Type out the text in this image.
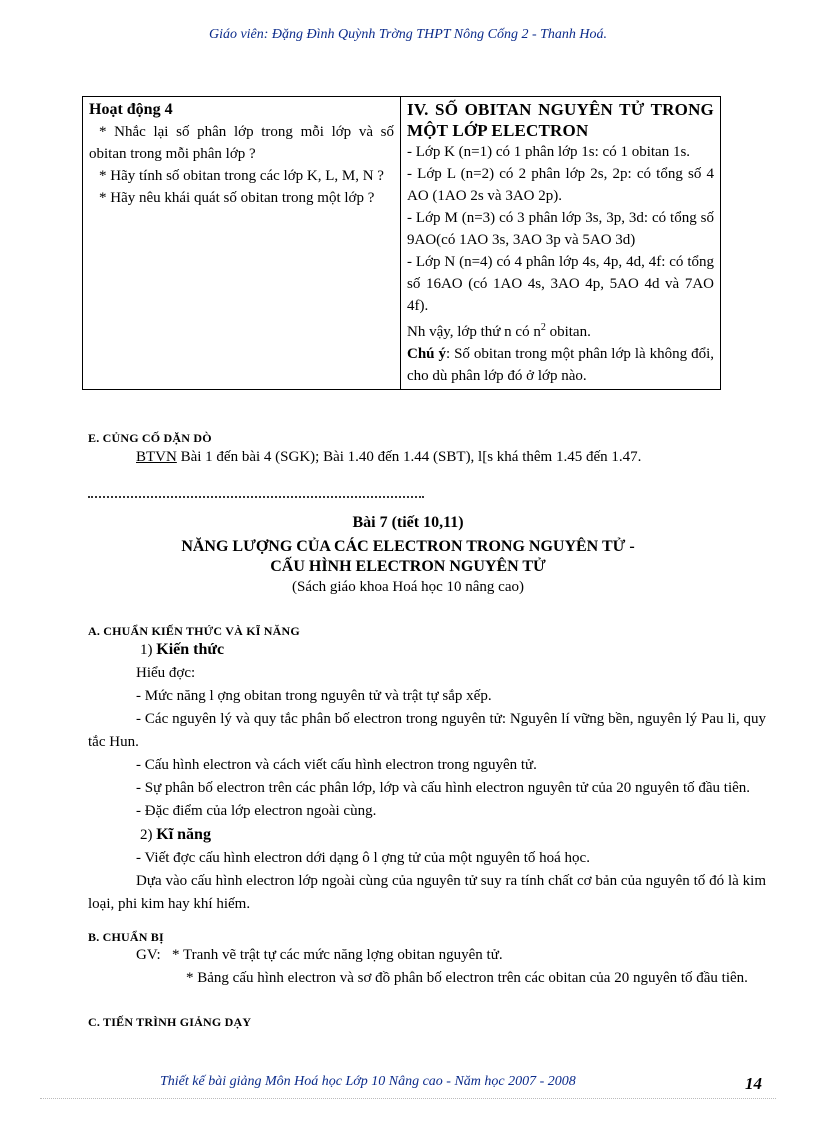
Giáo viên: Đặng Đình Quỳnh Trờng THPT Nông Cống 2 - Thanh Hoá.
Hoạt động 4
* Nhắc lại số phân lớp trong mỗi lớp và số obitan trong mỗi phân lớp ?
* Hãy tính số obitan trong các lớp K, L, M, N ?
* Hãy nêu khái quát số obitan trong một lớp ?

IV. SỐ OBITAN NGUYÊN TỬ TRONG MỘT LỚP ELECTRON
- Lớp K (n=1) có 1 phân lớp 1s: có 1 obitan 1s.
- Lớp L (n=2) có 2 phân lớp 2s, 2p: có tổng số 4 AO (1AO 2s và 3AO 2p).
- Lớp M (n=3) có 3 phân lớp 3s, 3p, 3d: có tổng số 9AO(có 1AO 3s, 3AO 3p và 5AO 3d)
- Lớp N (n=4) có 4 phân lớp 4s, 4p, 4d, 4f: có tổng số 16AO (có 1AO 4s, 3AO 4p, 5AO 4d và 7AO 4f).
Nh vậy, lớp thứ n có $n^2$ obitan.
Chú ý: Số obitan trong một phân lớp là không đổi, cho dù phân lớp đó ở lớp nào.
E. CỦNG CỐ DẶN DÒ
BTVN Bài 1 đến bài 4 (SGK); Bài 1.40 đến 1.44 (SBT), l[s khá thêm 1.45 đến 1.47.
Bài 7 (tiết 10,11)
NĂNG LƯỢNG CỦA CÁC ELECTRON TRONG NGUYÊN TỬ -
CẤU HÌNH ELECTRON NGUYÊN TỬ
(Sách giáo khoa Hoá học 10 nâng cao)
A. CHUẨN KIẾN THỨC VÀ KĨ NĂNG
1) Kiến thức
Hiểu đợc:
- Mức năng l ợng obitan trong nguyên tử và trật tự sắp xếp.
- Các nguyên lý và quy tắc phân bố electron trong nguyên tử: Nguyên lí vững bền, nguyên lý Pau li, quy tắc Hun.
- Cấu hình electron và cách viết cấu hình electron trong nguyên tử.
- Sự phân bố electron trên các phân lớp, lớp và cấu hình electron nguyên tử của 20 nguyên tố đầu tiên.
- Đặc điểm của lớp electron ngoài cùng.
2) Kĩ năng
- Viết đợc cấu hình electron dới dạng ô l ợng tử của một nguyên tố hoá học.
Dựa vào cấu hình electron lớp ngoài cùng của nguyên tử suy ra tính chất cơ bản của nguyên tố đó là kim loại, phi kim hay khí hiếm.
B. CHUẨN BỊ
GV: * Tranh vẽ trật tự các mức năng lợng obitan nguyên tử.
* Bảng cấu hình electron và sơ đồ phân bố electron trên các obitan của 20 nguyên tố đầu tiên.
C. TIẾN TRÌNH GIẢNG DẠY
Thiết kế bài giảng Môn Hoá học Lớp 10 Nâng cao - Năm học 2007 - 2008	14
